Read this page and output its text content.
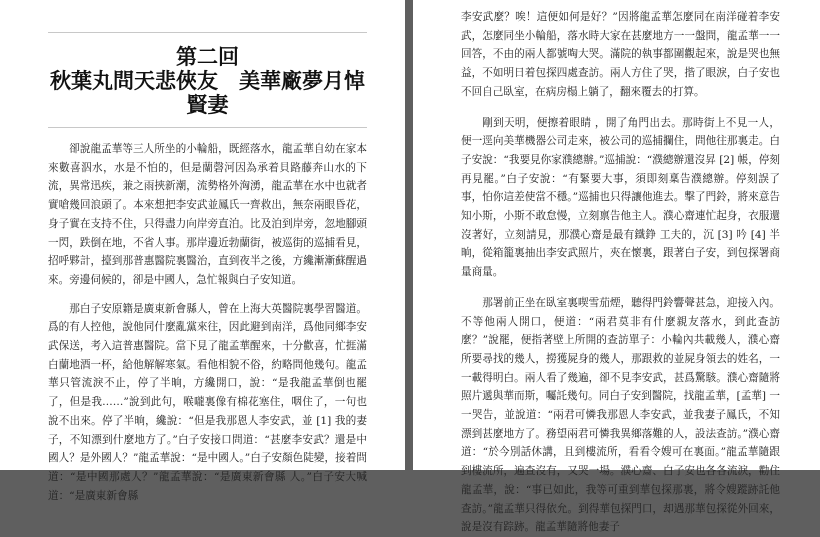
第二回
秋葉丸問天悲俠友　美華廠夢月悼
賢妻

卻說龍孟華等三人所坐的小輪船，既經落水，龍孟華自幼在家本來數喜泅水，水是不怕的，但是蘭磬河因為承着貝路藤奔山水的下流，異常迅疾，兼之雨挾新潮，流勢格外洶湧，龍孟華在水中也就者實嗆幾回浪頭了。本來想把李安武並鳳氏一齊救出，無奈兩眼昏花，身子實在支持不住，只得盡力向岸旁直泊。比及泊到岸旁，忽地腳頭一閃，跌倒在地，不省人事。那岸邊近勃蘭街，被巡街的巡捕看見，招呼夥計，擡到那普惠醫院裏醫治，直到夜半之後，方纔漸漸蘇醒過來。旁邊伺候的，卻是中國人，急忙報與白子安知道。

那白子安原籍是廣東新會縣人，曾在上海大英醫院裏學習醫道。爲的有人控他，說他同什麼亂黨來往，因此避到南洋，爲他同鄉李安武保送，考入這普惠醫院。當下見了龍孟華醒來，十分歡喜，忙捱滿白蘭地酒一杯，給他解解寒氣。看他相貌不俗，約略問他幾句。龍孟華只管流淚不止，停了半晌，方纔開口，說：“是我龍孟華倒也罷了，但是我……”說到此句，喉嚨裏像有棉花塞住，咽住了，一句也說不出來。停了半晌，纔說：“但是我那恩人李安武，並 [1] 我的妻子，不知漂到什麼地方了。”白子安接口問道：“甚麼李安武？還是中國人？是外國人？”龍孟華說：“是中國人。”白子安顏色陡變，接着問道：“是中國那處人？”龍孟華說：“是廣東新會縣 人。”白子安大喊道：“是廣東新會縣

李安武麼？唉！這便如何是好？”因將龍孟華怎麼同在南洋碰着李安武，怎麼同坐小輪船，落水時大家在甚麼地方一一盤問，龍孟華一一回答，不由的兩人都號啕大哭。滿院的執事都圍觀起來，說是哭也無益，不如明日着包探四處查訪。兩人方住了哭，揩了眼淚，白子安也不回自己臥室，在病房榻上躺了，翻來覆去的打算。

剛到天明，便擦着眼睛 ，開了角門出去。那時街上不見一人，便一逕向美華機器公司走來，被公司的巡捕攔住，問他往那裏走。白子安說：“我要見你家濮總辦。”巡捕說：“濮總辦還沒昇 [2] 帳，停刻再見罷。”白子安說：“有緊要大事，須即刻稟告濮總辦。停刻誤了事，怕你這差使當不穩。”巡捕也只得讓他進去。擊了門鈴，將來意告知小斯，小斯不敢怠慢，立刻禀告他主人。濮心齋連忙起身，衣服還沒著好，立刻請見，那濮心齋是最有鐵錚 工夫的，沉 [3] 吟 [4] 半晌，從箱籠裏抽出李安武照片，夾在懷裏，跟著白子安，到包探署商量商量。

那署前正坐在臥室裏喫雪茄煙，聽得門鈴響聲甚急，迎接入內。不等他兩人開口，便道：“兩君莫非有什麼親友落水，到此查訪麼？”說罷，便指著壁上所開的查訪單子：小輪內共載幾人，濮心齋所要尋找的幾人，撈獲屍身的幾人，那跟救的並屍身領去的姓名，一一載得明白。兩人看了幾遍，卻不見李安武，甚爲驚駭。濮心齋隨將照片遞與華而斯，囑託幾句。同白子安到醫院，找龍孟華，[孟華] 一一哭告，並說道：“兩君可憐我那恩人李安武，並我妻子鳳氏，不知漂到甚麼地方了。務望兩君可憐我異鄉落難的人，設法查訪。”濮心齋道：“於今別話休講，且到樓流所，看看令嫂可在裏面。”龍孟華隨跟到樓流所，遍查沒有，又哭一場。濮心齋、白子安也各各流淚，勸住龍孟華，說：“事已如此，我等可重到華包探那裏，將令嫂蹤跡託他查訪。”龍孟華只得依允。到得華包探門口，却遇那華包探從外回來，說是沒有踪跡。龍孟華隨將他妻子
